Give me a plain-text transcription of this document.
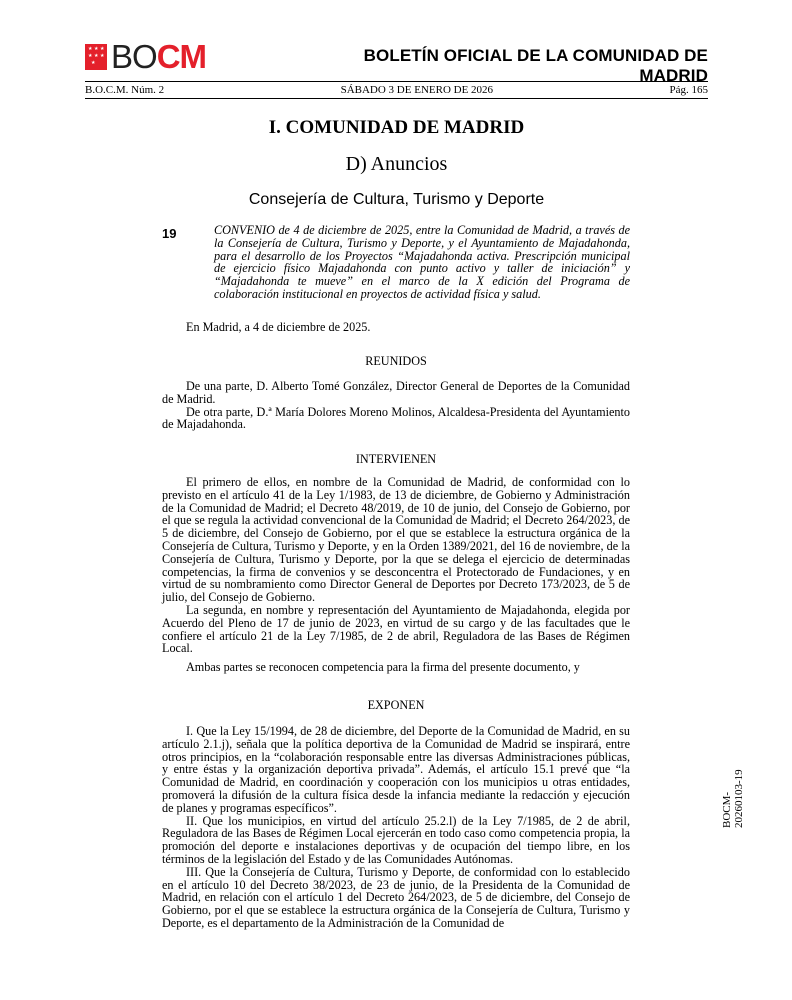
★ ★ ★
★ ★ ★
★ BOCM	BOLETÍN OFICIAL DE LA COMUNIDAD DE MADRID
B.O.C.M. Núm. 2	SÁBADO 3 DE ENERO DE 2026	Pág. 165
I. COMUNIDAD DE MADRID
D) Anuncios
Consejería de Cultura, Turismo y Deporte
19	CONVENIO de 4 de diciembre de 2025, entre la Comunidad de Madrid, a través de la Consejería de Cultura, Turismo y Deporte, y el Ayuntamiento de Majadahonda, para el desarrollo de los Proyectos “Majadahonda activa. Prescripción municipal de ejercicio físico Majadahonda con punto activo y taller de iniciación” y “Majadahonda te mueve” en el marco de la X edición del Programa de colaboración institucional en proyectos de actividad física y salud.

En Madrid, a 4 de diciembre de 2025.

REUNIDOS

De una parte, D. Alberto Tomé González, Director General de Deportes de la Comunidad de Madrid.

De otra parte, D.ª María Dolores Moreno Molinos, Alcaldesa-Presidenta del Ayuntamiento de Majadahonda.

INTERVIENEN

El primero de ellos, en nombre de la Comunidad de Madrid, de conformidad con lo previsto en el artículo 41 de la Ley 1/1983, de 13 de diciembre, de Gobierno y Administración de la Comunidad de Madrid; el Decreto 48/2019, de 10 de junio, del Consejo de Gobierno, por el que se regula la actividad convencional de la Comunidad de Madrid; el Decreto 264/2023, de 5 de diciembre, del Consejo de Gobierno, por el que se establece la estructura orgánica de la Consejería de Cultura, Turismo y Deporte, y en la Orden 1389/2021, del 16 de noviembre, de la Consejería de Cultura, Turismo y Deporte, por la que se delega el ejercicio de determinadas competencias, la firma de convenios y se desconcentra el Protectorado de Fundaciones, y en virtud de su nombramiento como Director General de Deportes por Decreto 173/2023, de 5 de julio, del Consejo de Gobierno.

La segunda, en nombre y representación del Ayuntamiento de Majadahonda, elegida por Acuerdo del Pleno de 17 de junio de 2023, en virtud de su cargo y de las facultades que le confiere el artículo 21 de la Ley 7/1985, de 2 de abril, Reguladora de las Bases de Régimen Local.

Ambas partes se reconocen competencia para la firma del presente documento, y

EXPONEN

I. Que la Ley 15/1994, de 28 de diciembre, del Deporte de la Comunidad de Madrid, en su artículo 2.1.j), señala que la política deportiva de la Comunidad de Madrid se inspirará, entre otros principios, en la “colaboración responsable entre las diversas Administraciones públicas, y entre éstas y la organización deportiva privada”. Además, el artículo 15.1 prevé que “la Comunidad de Madrid, en coordinación y cooperación con los municipios u otras entidades, promoverá la difusión de la cultura física desde la infancia mediante la redacción y ejecución de planes y programas específicos”.

II. Que los municipios, en virtud del artículo 25.2.l) de la Ley 7/1985, de 2 de abril, Reguladora de las Bases de Régimen Local ejercerán en todo caso como competencia propia, la promoción del deporte e instalaciones deportivas y de ocupación del tiempo libre, en los términos de la legislación del Estado y de las Comunidades Autónomas.

III. Que la Consejería de Cultura, Turismo y Deporte, de conformidad con lo establecido en el artículo 10 del Decreto 38/2023, de 23 de junio, de la Presidenta de la Comunidad de Madrid, en relación con el artículo 1 del Decreto 264/2023, de 5 de diciembre, del Consejo de Gobierno, por el que se establece la estructura orgánica de la Consejería de Cultura, Turismo y Deporte, es el departamento de la Administración de la Comunidad de

BOCM-20260103-19
